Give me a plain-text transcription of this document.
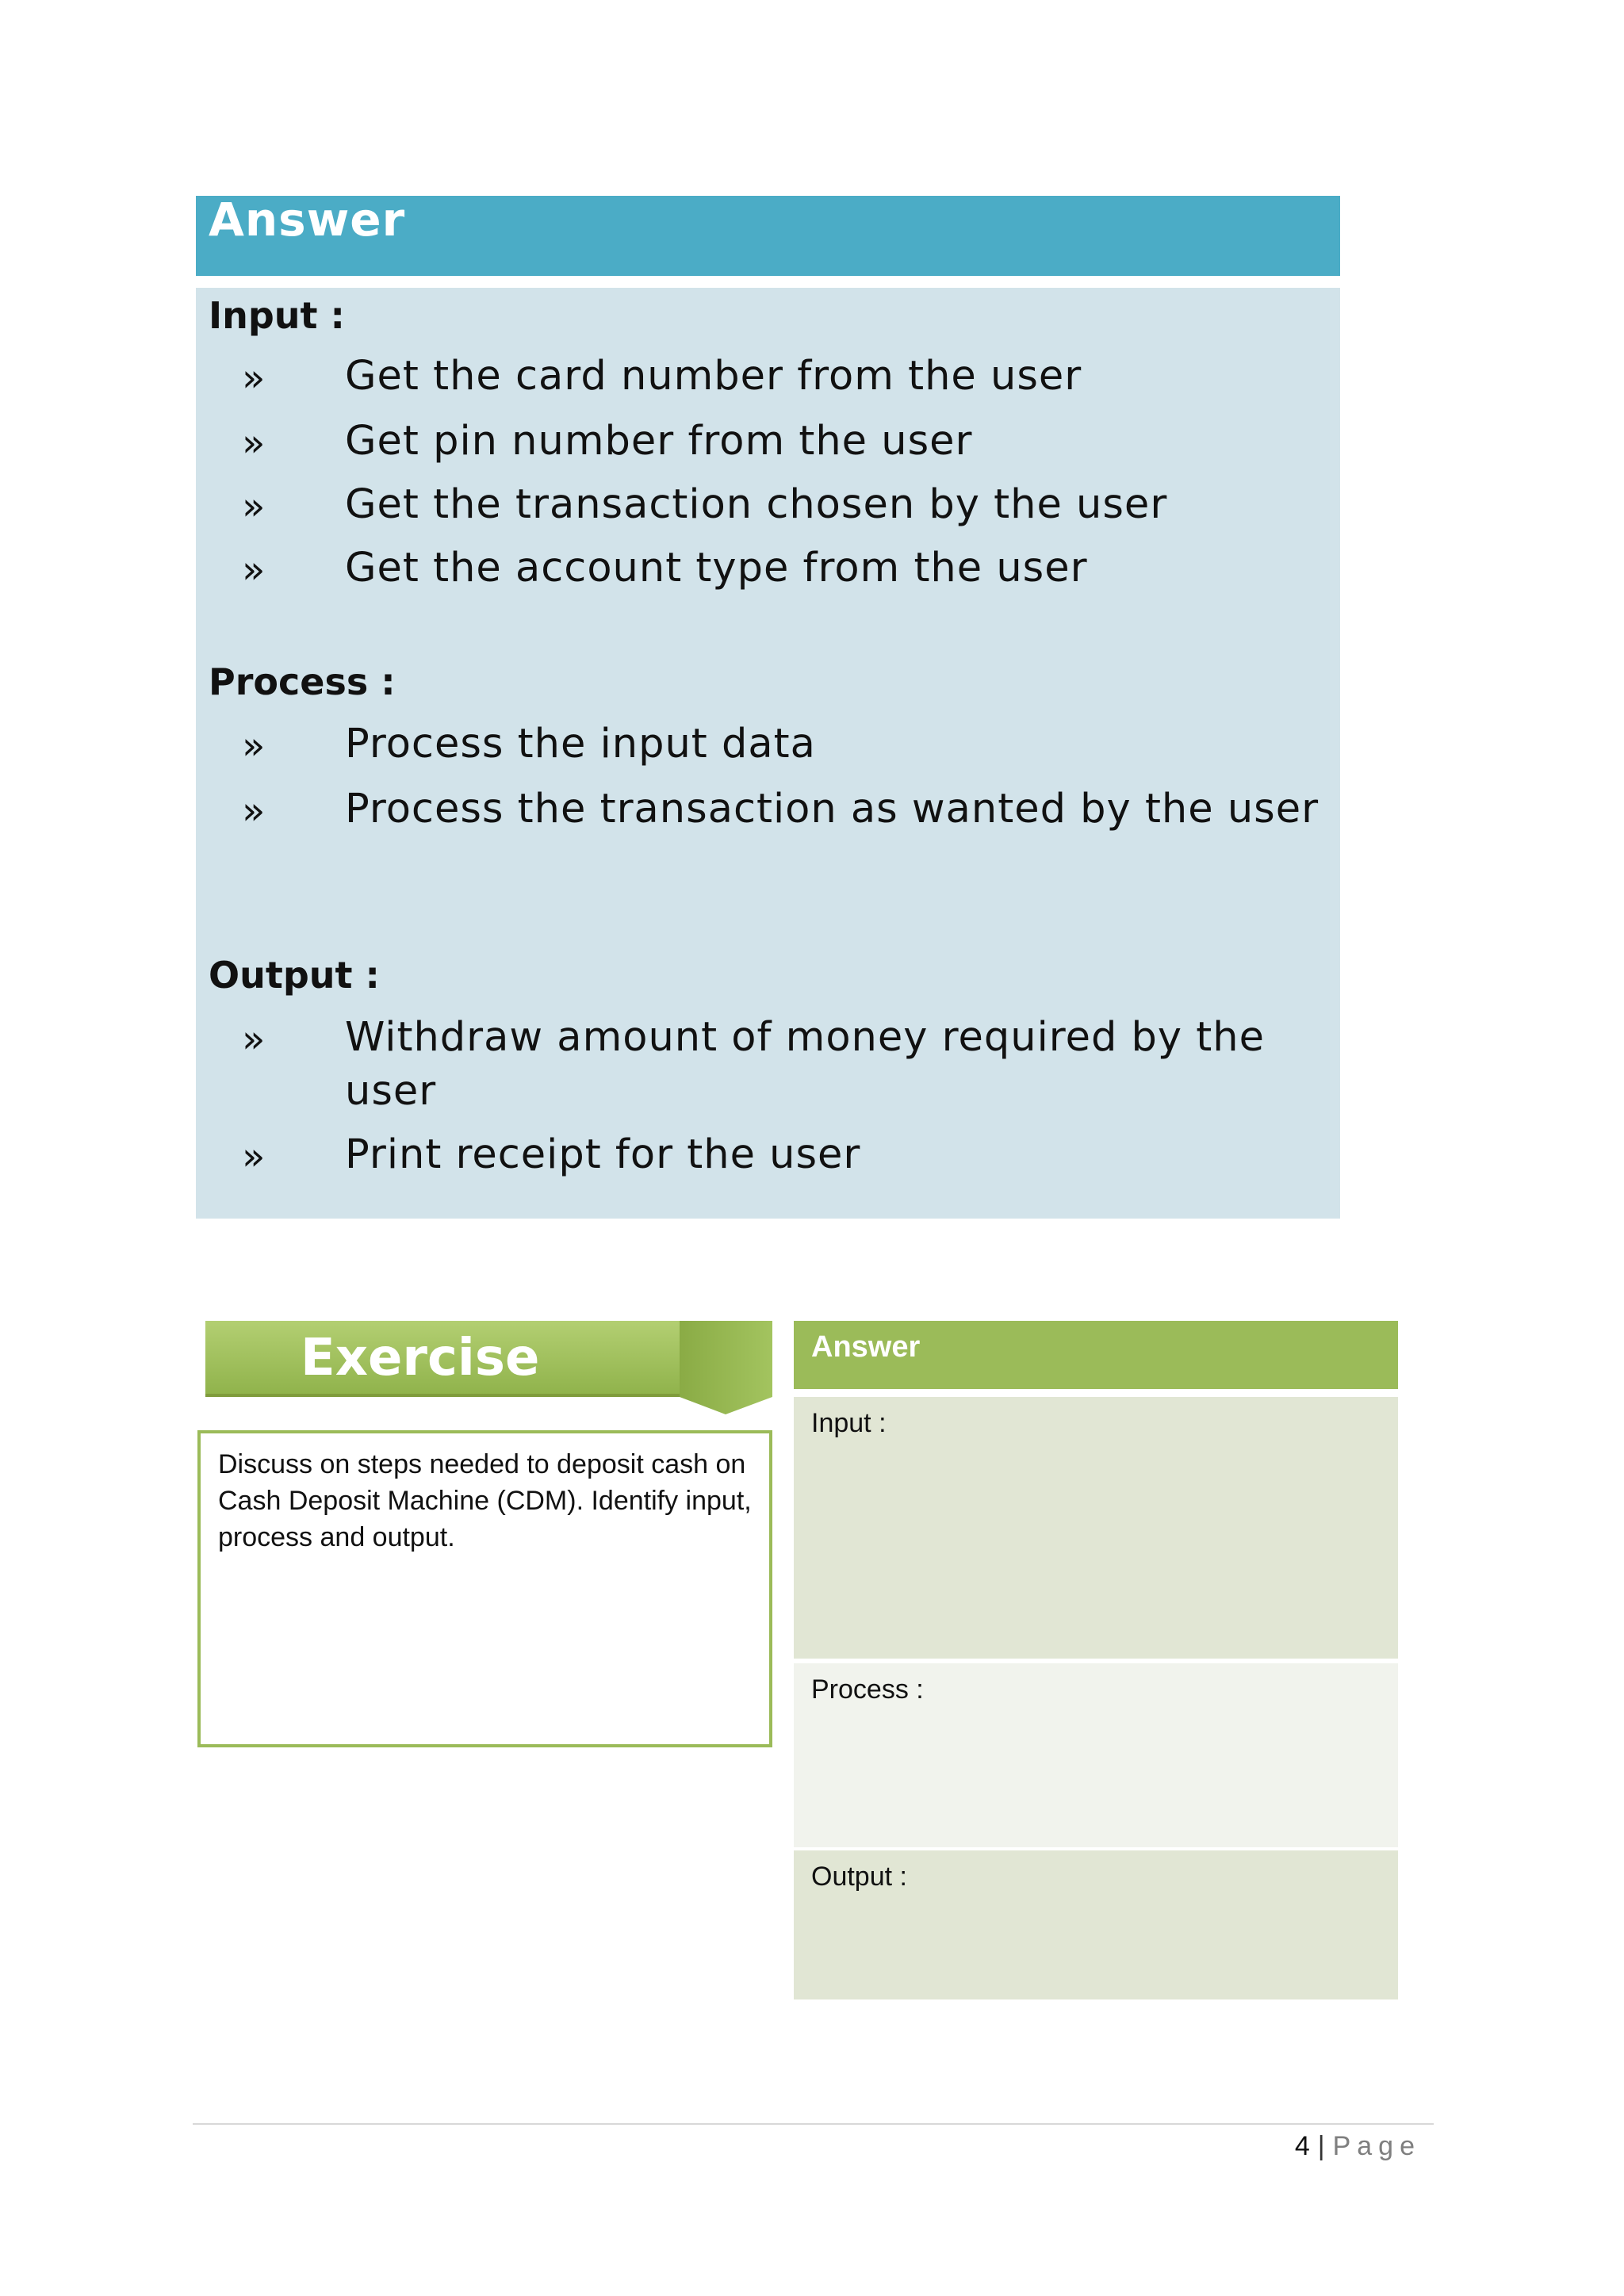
Answer
Input :
» Get the card number from the user
» Get pin number from the user
» Get the transaction chosen by the user
» Get the account type from the user
Process :
» Process the input data
» Process the transaction as wanted by the user
Output :
» Withdraw amount of money required by the user
» Print receipt for the user
Exercise
Discuss on steps needed to deposit cash on Cash Deposit Machine (CDM). Identify input, process and output.
Answer
Input :
Process :
Output :
4 | Page
